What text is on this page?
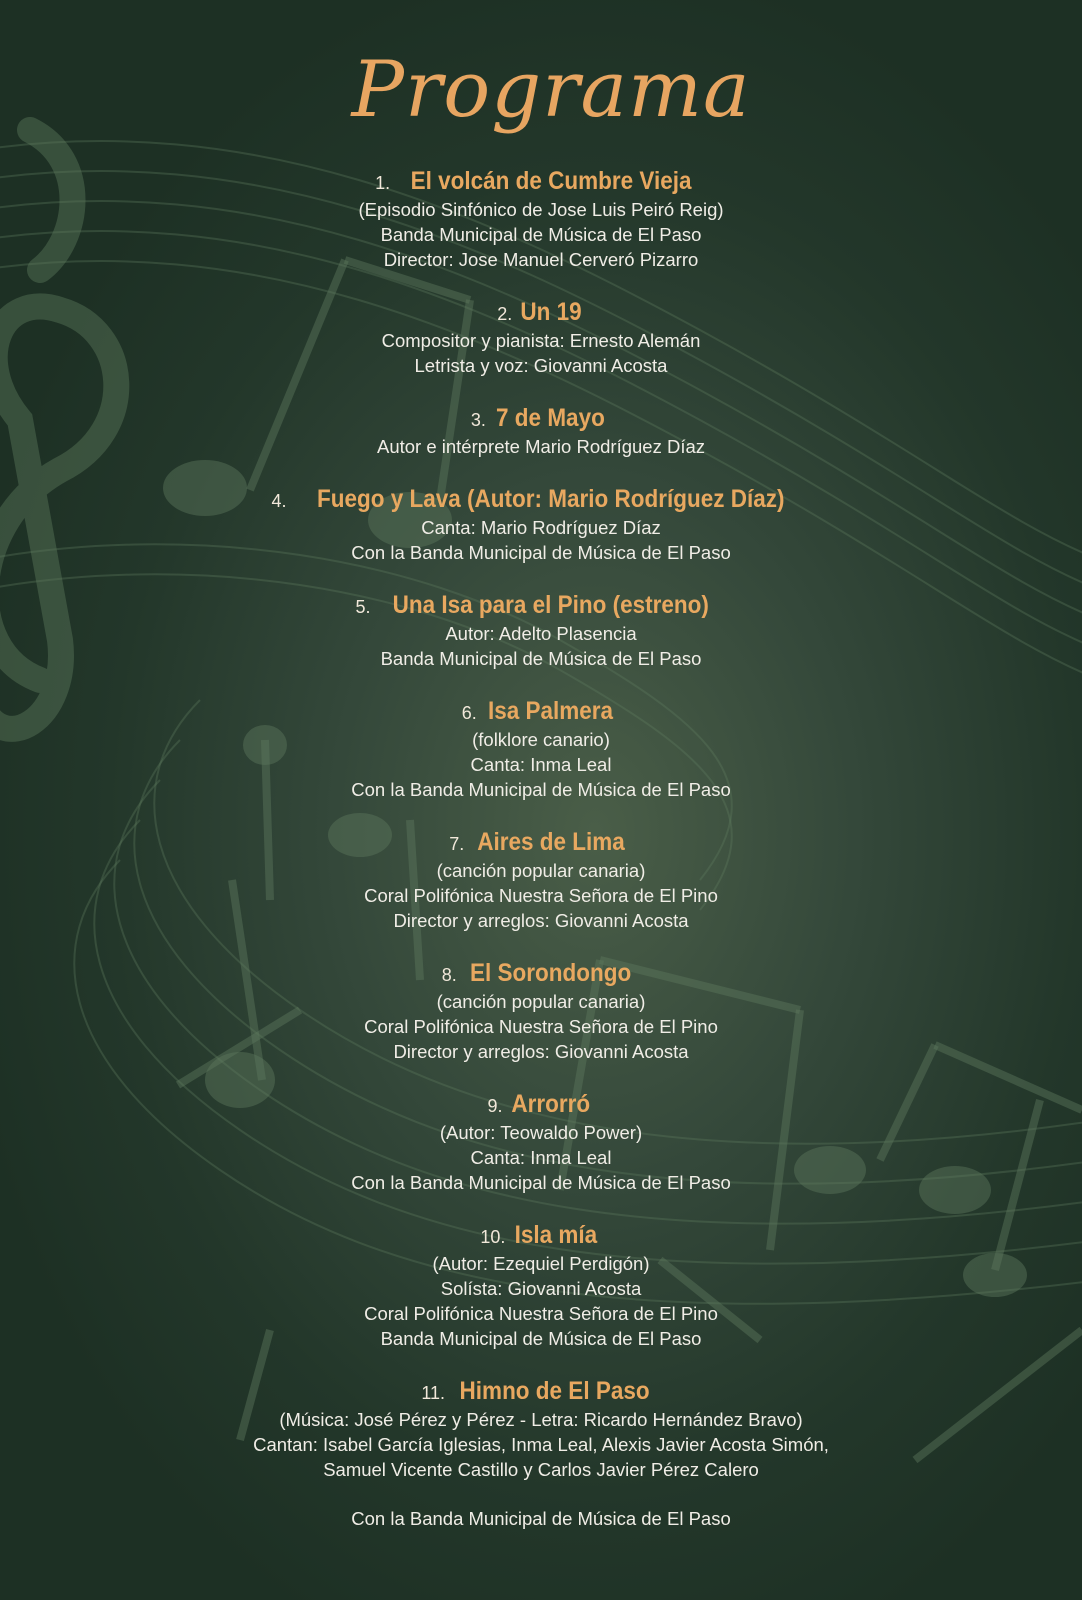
Programa
1. El volcán de Cumbre Vieja
(Episodio Sinfónico de Jose Luis Peiró Reig)
Banda Municipal de Música de El Paso
Director: Jose Manuel Cerveró Pizarro
2. Un 19
Compositor y pianista: Ernesto Alemán
Letrista y voz: Giovanni Acosta
3. 7 de Mayo
Autor e intérprete Mario Rodríguez Díaz
4. Fuego y Lava (Autor: Mario Rodríguez Díaz)
Canta: Mario Rodríguez Díaz
Con la Banda Municipal de Música de El Paso
5. Una Isa para el Pino (estreno)
Autor: Adelto Plasencia
Banda Municipal de Música de El Paso
6. Isa Palmera
(folklore canario)
Canta: Inma Leal
Con la Banda Municipal de Música de El Paso
7. Aires de Lima
(canción popular canaria)
Coral Polifónica Nuestra Señora de El Pino
Director y arreglos: Giovanni Acosta
8. El Sorondongo
(canción popular canaria)
Coral Polifónica Nuestra Señora de El Pino
Director y arreglos: Giovanni Acosta
9. Arrorró
(Autor: Teowaldo Power)
Canta: Inma Leal
Con la Banda Municipal de Música de El Paso
10. Isla mía
(Autor: Ezequiel Perdigón)
Solísta: Giovanni Acosta
Coral Polifónica Nuestra Señora de El Pino
Banda Municipal de Música de El Paso
11. Himno de El Paso
(Música: José Pérez y Pérez - Letra: Ricardo Hernández Bravo)
Cantan: Isabel García Iglesias, Inma Leal, Alexis Javier Acosta Simón,
Samuel Vicente Castillo y Carlos Javier Pérez Calero
Con la Banda Municipal de Música de El Paso
